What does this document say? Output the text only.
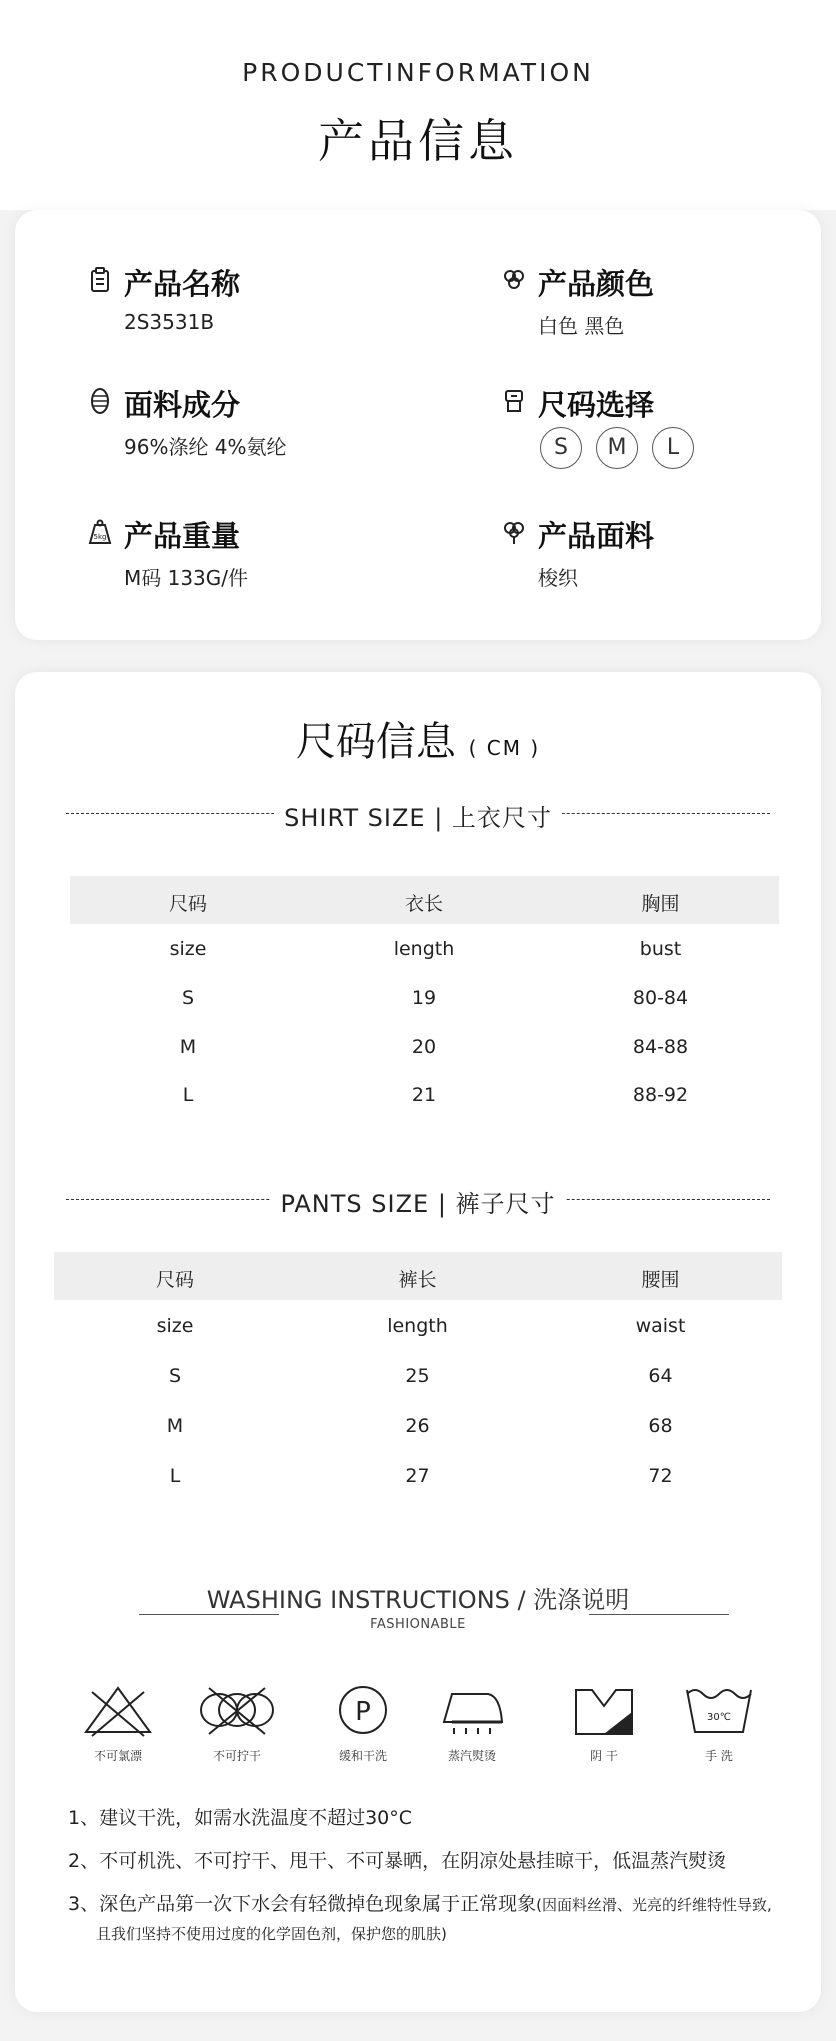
PRODUCTINFORMATION
产品信息
产品名称
2S3531B
产品颜色
白色 黑色
面料成分
96%涤纶 4%氨纶
尺码选择
S	M	L
5kg 产品重量
M码 133G/件
产品面料
梭织
尺码信息 ( CM )
SHIRT SIZE | 上衣尺寸
尺码	衣长	胸围
size	length	bust
S	19	80-84
M	20	84-88
L	21	88-92
PANTS SIZE | 裤子尺寸
尺码	裤长	腰围
size	length	waist
S	25	64
M	26	68
L	27	72
WASHING INSTRUCTIONS / 洗涤说明
FASHIONABLE
P	30℃
不可氯漂	不可拧干	缓和干洗	蒸汽熨烫	阴 干	手 洗
1、建议干洗，如需水洗温度不超过30°C
2、不可机洗、不可拧干、甩干、不可暴晒，在阴凉处悬挂晾干，低温蒸汽熨烫
3、深色产品第一次下水会有轻微掉色现象属于正常现象(因面料丝滑、光亮的纤维特性导致,
且我们坚持不使用过度的化学固色剂，保护您的肌肤)
